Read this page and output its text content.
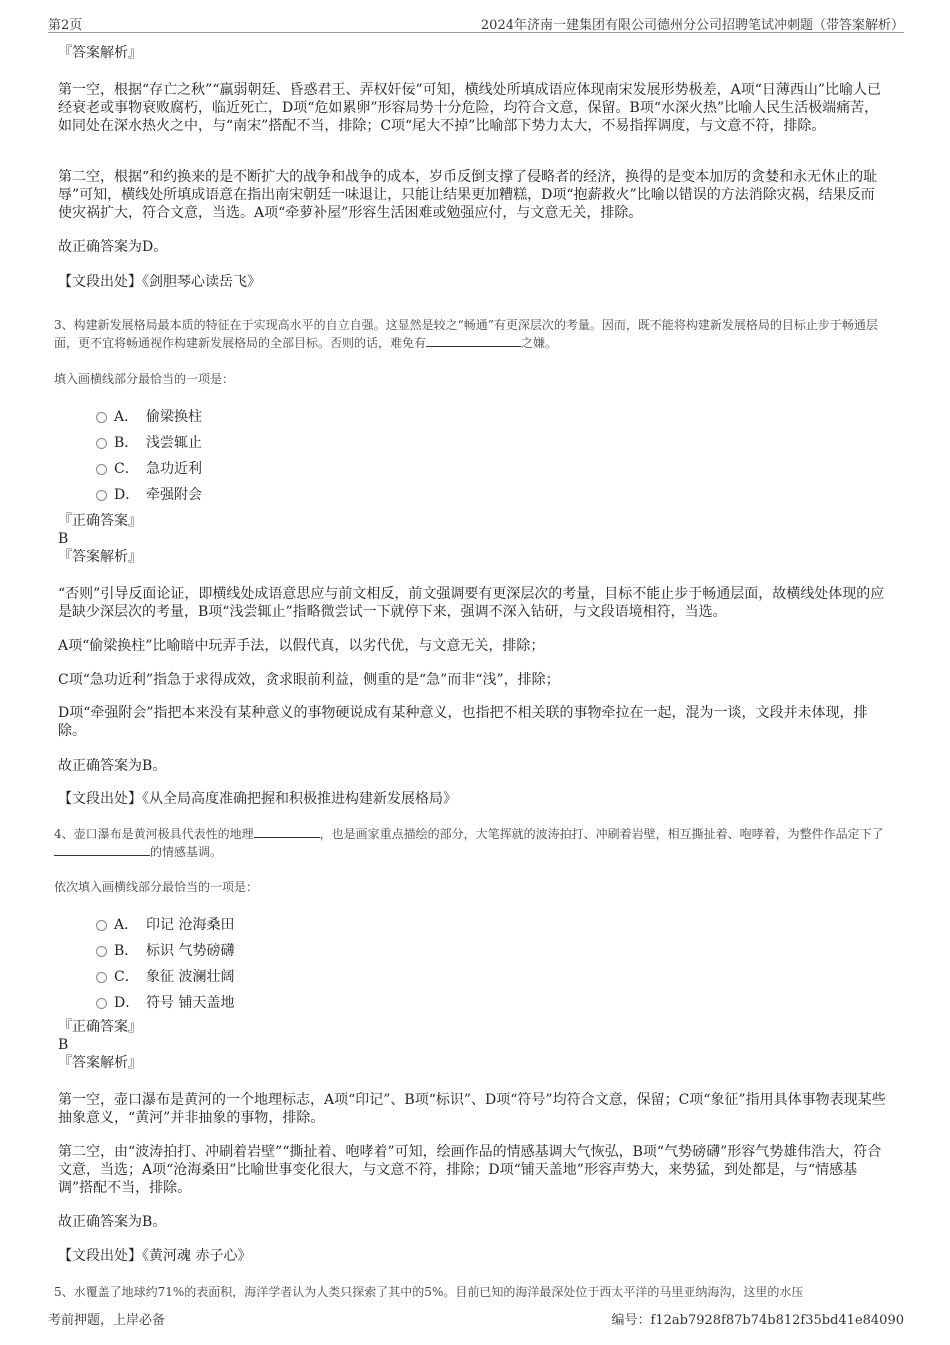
第2页	2024年济南一建集团有限公司德州分公司招聘笔试冲刺题（带答案解析）

『答案解析』

第一空，根据“存亡之秋”“羸弱朝廷、昏惑君王、弄权奸佞”可知，横线处所填成语应体现南宋发展形势极差，A项“日薄西山”比喻人已经衰老或事物衰败腐朽，临近死亡，D项“危如累卵”形容局势十分危险，均符合文意，保留。B项“水深火热”比喻人民生活极端痛苦，如同处在深水热火之中，与“南宋”搭配不当，排除；C项“尾大不掉”比喻部下势力太大，不易指挥调度，与文意不符，排除。

第二空，根据“和约换来的是不断扩大的战争和战争的成本，岁币反倒支撑了侵略者的经济，换得的是变本加厉的贪婪和永无休止的耻辱”可知，横线处所填成语意在指出南宋朝廷一味退让，只能让结果更加糟糕，D项“抱薪救火”比喻以错误的方法消除灾祸，结果反而使灾祸扩大，符合文意，当选。A项“牵萝补屋”形容生活困难或勉强应付，与文意无关，排除。

故正确答案为D。

【文段出处】《剑胆琴心读岳飞》

3、构建新发展格局最本质的特征在于实现高水平的自立自强。这显然是较之“畅通”有更深层次的考量。因而，既不能将构建新发展格局的目标止步于畅通层面，更不宜将畅通视作构建新发展格局的全部目标。否则的话，难免有	之嫌。

填入画横线部分最恰当的一项是：

A． 偷梁换柱
B． 浅尝辄止
C． 急功近利
D． 牵强附会

『正确答案』

B

『答案解析』

“否则”引导反面论证，即横线处成语意思应与前文相反，前文强调要有更深层次的考量，目标不能止步于畅通层面，故横线处体现的应是缺少深层次的考量，B项“浅尝辄止”指略微尝试一下就停下来，强调不深入钻研，与文段语境相符，当选。

A项“偷梁换柱”比喻暗中玩弄手法，以假代真，以劣代优，与文意无关，排除；

C项“急功近利”指急于求得成效，贪求眼前利益，侧重的是“急”而非“浅”，排除；

D项“牵强附会”指把本来没有某种意义的事物硬说成有某种意义，也指把不相关联的事物牵拉在一起，混为一谈，文段并未体现，排除。

故正确答案为B。

【文段出处】《从全局高度准确把握和积极推进构建新发展格局》

4、壶口瀑布是黄河极具代表性的地理	，也是画家重点描绘的部分，大笔挥就的波涛拍打、冲刷着岩壁，相互撕扯着、咆哮着，为整件作品定下了的情感基调。

依次填入画横线部分最恰当的一项是：

A． 印记 沧海桑田
B． 标识 气势磅礴
C． 象征 波澜壮阔
D． 符号 铺天盖地

『正确答案』

B

『答案解析』

第一空，壶口瀑布是黄河的一个地理标志，A项“印记”、B项“标识”、D项“符号”均符合文意，保留；C项“象征”指用具体事物表现某些抽象意义，“黄河”并非抽象的事物，排除。

第二空，由“波涛拍打、冲刷着岩壁”“撕扯着、咆哮着”可知，绘画作品的情感基调大气恢弘，B项“气势磅礴”形容气势雄伟浩大，符合文意，当选；A项“沧海桑田”比喻世事变化很大，与文意不符，排除；D项“铺天盖地”形容声势大，来势猛，到处都是，与“情感基调”搭配不当，排除。

故正确答案为B。

【文段出处】《黄河魂 赤子心》

5、水覆盖了地球约71%的表面积，海洋学者认为人类只探索了其中的5%。目前已知的海洋最深处位于西太平洋的马里亚纳海沟，这里的水压

考前押题，上岸必备	编号：f12ab7928f87b74b812f35bd41e84090
